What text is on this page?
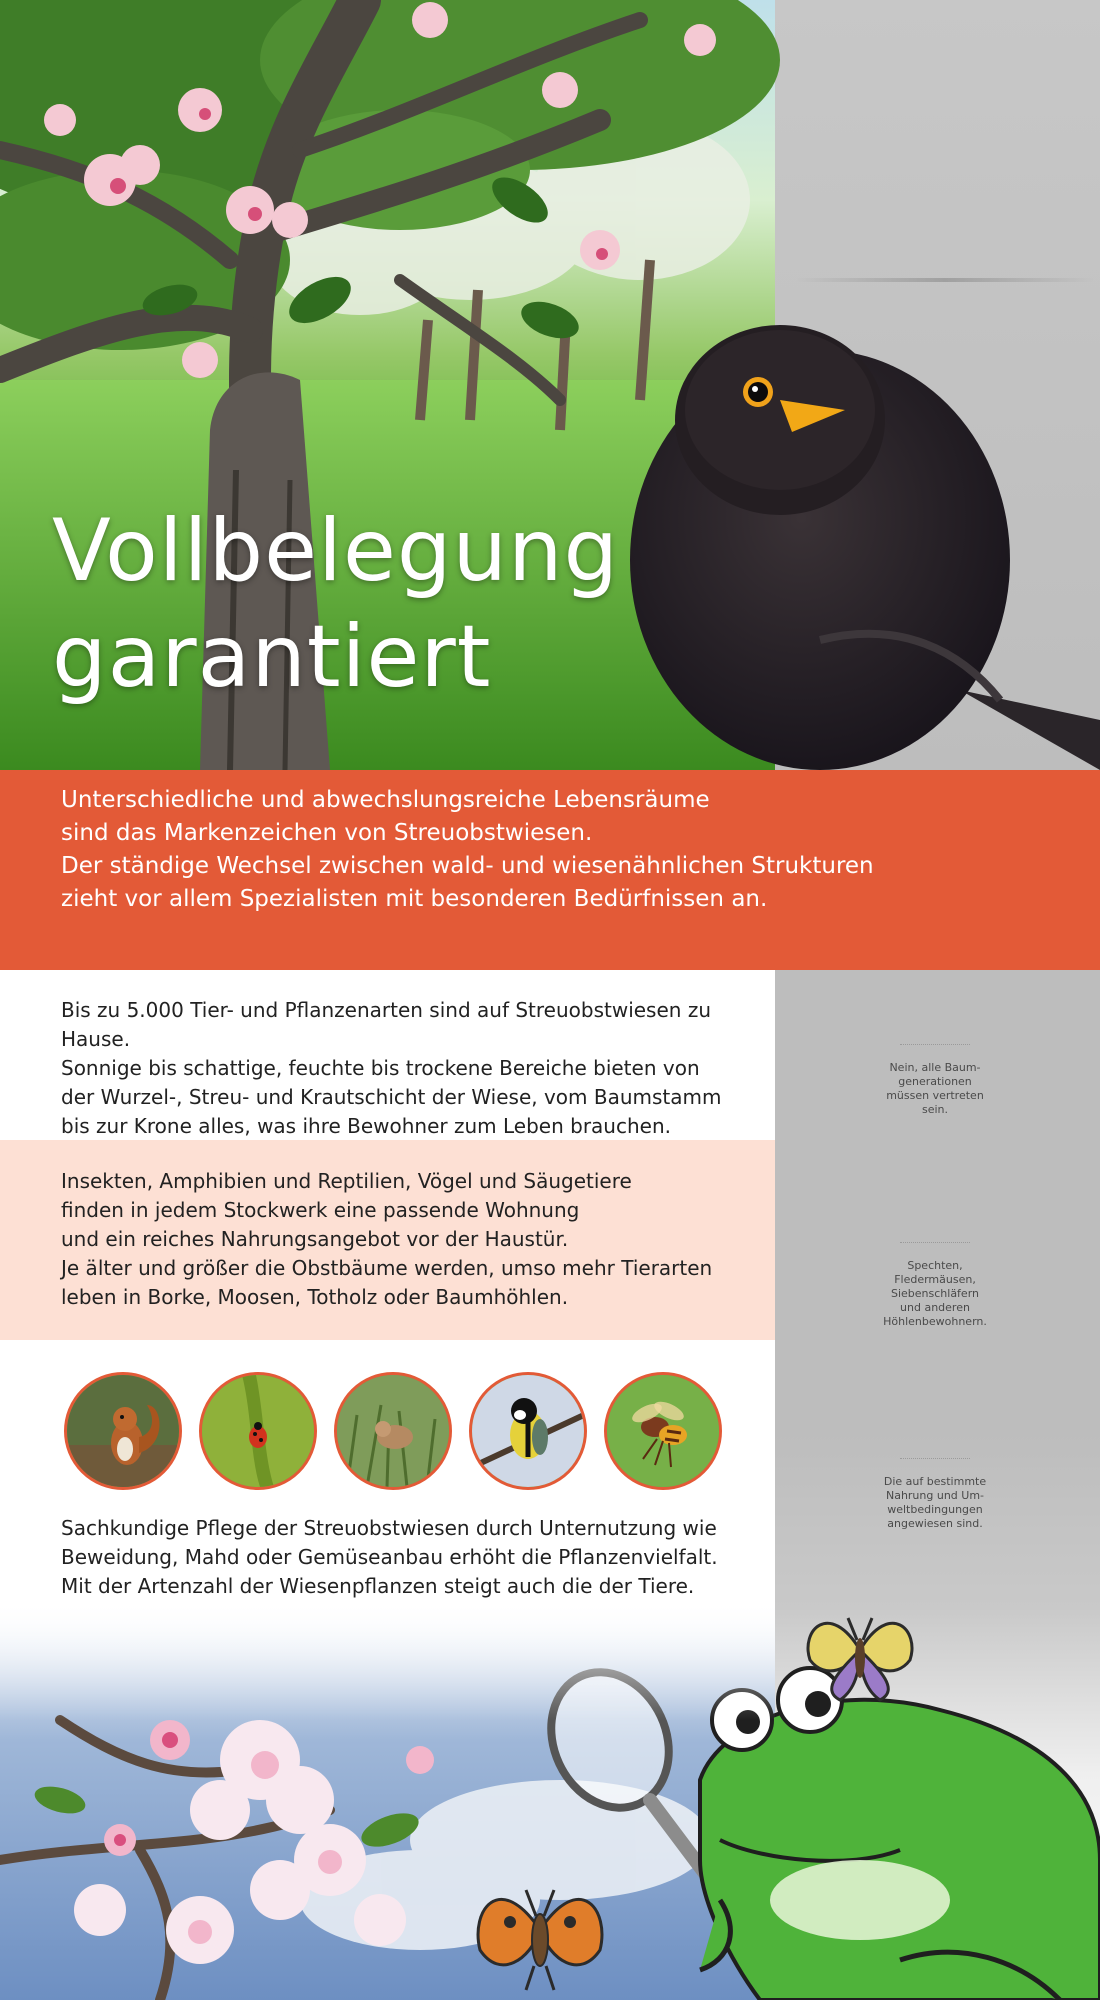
Vollbelegung
garantiert

Unterschiedliche und abwechslungsreiche Lebensräume
sind das Markenzeichen von Streuobstwiesen.
Der ständige Wechsel zwischen wald- und wiesenähnlichen Strukturen
zieht vor allem Spezialisten mit besonderen Bedürfnissen an.

Nein, alle Baum-
generationen
müssen vertreten
sein.
Spechten,
Fledermäusen,
Siebenschläfern
und anderen
Höhlenbewohnern.
Die auf bestimmte
Nahrung und Um-
weltbedingungen
angewiesen sind.

Bis zu 5.000 Tier- und Pflanzenarten sind auf Streuobstwiesen zu Hause.
Sonnige bis schattige, feuchte bis trockene Bereiche bieten von
der Wurzel-, Streu- und Krautschicht der Wiese, vom Baumstamm
bis zur Krone alles, was ihre Bewohner zum Leben brauchen.

Insekten, Amphibien und Reptilien, Vögel und Säugetiere
finden in jedem Stockwerk eine passende Wohnung
und ein reiches Nahrungsangebot vor der Haustür.
Je älter und größer die Obstbäume werden, umso mehr Tierarten
leben in Borke, Moosen, Totholz oder Baumhöhlen.

Sachkundige Pflege der Streuobstwiesen durch Unternutzung wie
Beweidung, Mahd oder Gemüseanbau erhöht die Pflanzenvielfalt.
Mit der Artenzahl der Wiesenpflanzen steigt auch die der Tiere.
